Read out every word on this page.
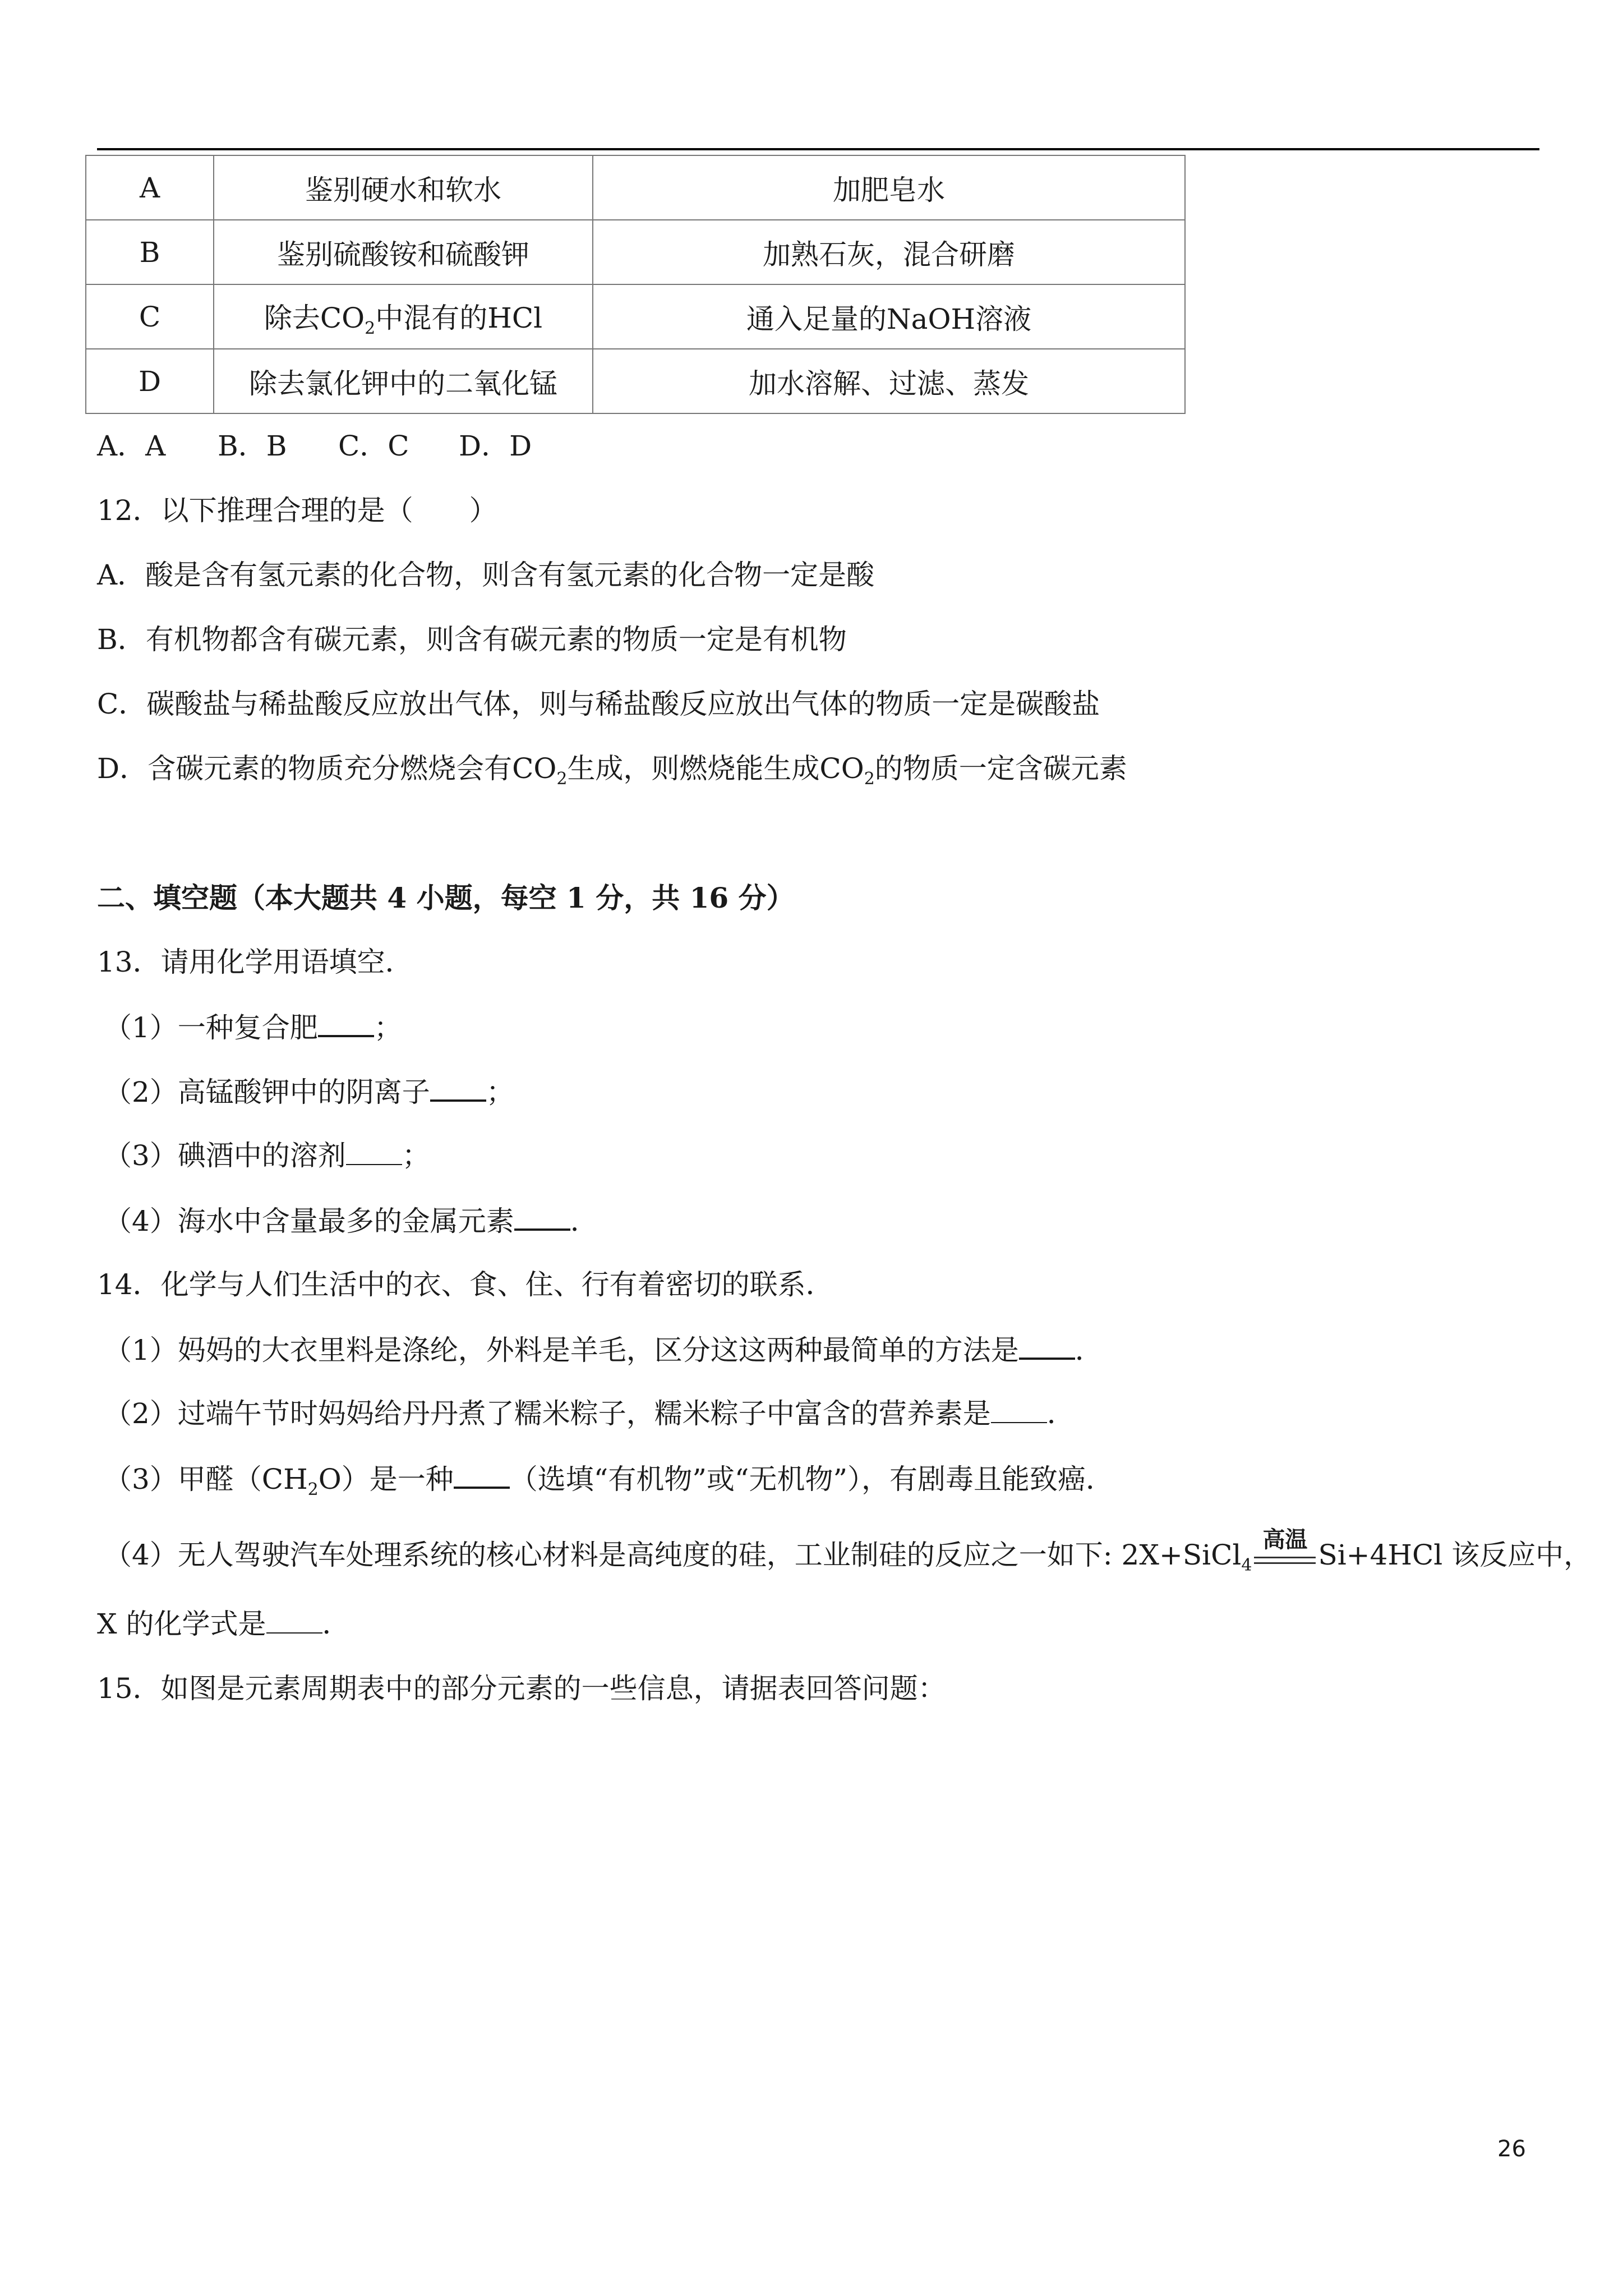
A	鉴别硬水和软水	加肥皂水
B	鉴别硫酸铵和硫酸钾	加熟石灰，混合研磨
C	除去$CO_2$中混有的HCl	通入足量的NaOH溶液
D	除去氯化钾中的二氧化锰	加水溶解、过滤、蒸发
A．A B．B C．C D．D
12．以下推理合理的是（　　）
A．酸是含有氢元素的化合物，则含有氢元素的化合物一定是酸
B．有机物都含有碳元素，则含有碳元素的物质一定是有机物
C．碳酸盐与稀盐酸反应放出气体，则与稀盐酸反应放出气体的物质一定是碳酸盐
D．含碳元素的物质充分燃烧会有$CO_2$生成，则燃烧能生成$CO_2$的物质一定含碳元素
二、填空题（本大题共 4 小题，每空 1 分，共 16 分）
13．请用化学用语填空．
（1）一种复合肥 ；
（2）高锰酸钾中的阴离子 ；
（3）碘酒中的溶剂 ；
（4）海水中含量最多的金属元素 ．
14．化学与人们生活中的衣、食、住、行有着密切的联系．
（1）妈妈的大衣里料是涤纶，外料是羊毛，区分这这两种最简单的方法是 ．
（2）过端午节时妈妈给丹丹煮了糯米粽子，糯米粽子中富含的营养素是 ．
（3）甲醛$(CH_2O)$是一种 （选填“有机物”或“无机物”），有剧毒且能致癌．
（4）无人驾驶汽车处理系统的核心材料是高纯度的硅，工业制硅的反应之一如下: 2X+SiCl$_4$
高温 Si+4HCl 该反应中，
X 的化学式是 ．
15．如图是元素周期表中的部分元素的一些信息，请据表回答问题：
26
